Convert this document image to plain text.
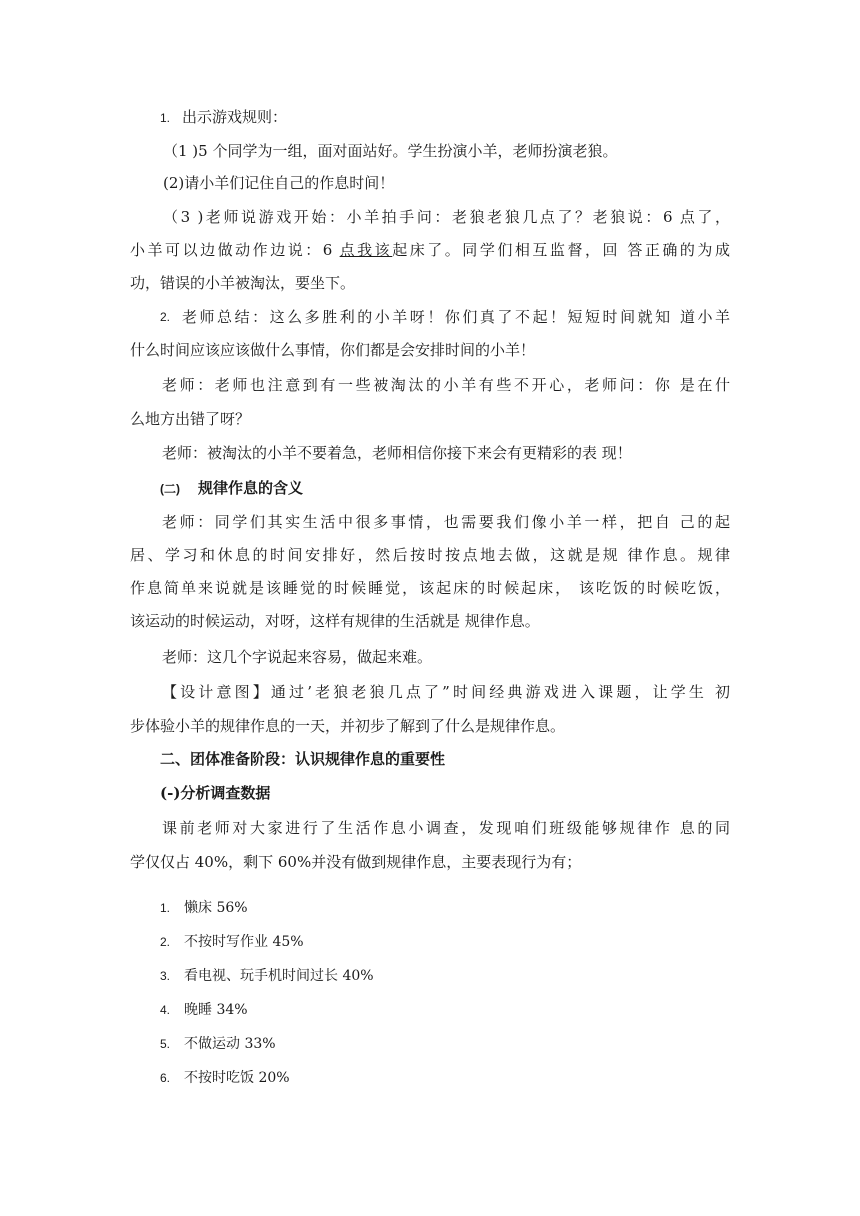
1. 出示游戏规则：
（1 )5 个同学为一组，面对面站好。学生扮演小羊，老师扮演老狼。
(2)请小羊们记住自己的作息时间！
（3 )老师说游戏开始：小羊拍手问：老狼老狼几点了？老狼说：6 点了，
小羊可以边做动作边说：6 点我该起床了。同学们相互监督，回 答正确的为成
功，错误的小羊被淘汰，要坐下。
2. 老师总结：这么多胜利的小羊呀！你们真了不起！短短时间就知 道小羊
什么时间应该应该做什么事情，你们都是会安排时间的小羊！
老师：老师也注意到有一些被淘汰的小羊有些不开心，老师问：你 是在什
么地方出错了呀？
老师：被淘汰的小羊不要着急，老师相信你接下来会有更精彩的表 现！
(二) 规律作息的含义
老师：同学们其实生活中很多事情，也需要我们像小羊一样，把自 己的起
居、学习和休息的时间安排好，然后按时按点地去做，这就是规 律作息。规律
作息简单来说就是该睡觉的时候睡觉，该起床的时候起床， 该吃饭的时候吃饭，
该运动的时候运动，对呀，这样有规律的生活就是 规律作息。
老师：这几个字说起来容易，做起来难。
【设计意图】通过’老狼老狼几点了”时间经典游戏进入课题，让学生 初
步体验小羊的规律作息的一天，并初步了解到了什么是规律作息。
二、团体准备阶段：认识规律作息的重要性
(-)分析调查数据
课前老师对大家进行了生活作息小调查，发现咱们班级能够规律作 息的同
学仅仅占 40%，剩下 60%并没有做到规律作息，主要表现行为有；
1. 懒床 56%
2. 不按时写作业 45%
3. 看电视、玩手机时间过长 40%
4. 晚睡 34%
5. 不做运动 33%
6. 不按时吃饭 20%
